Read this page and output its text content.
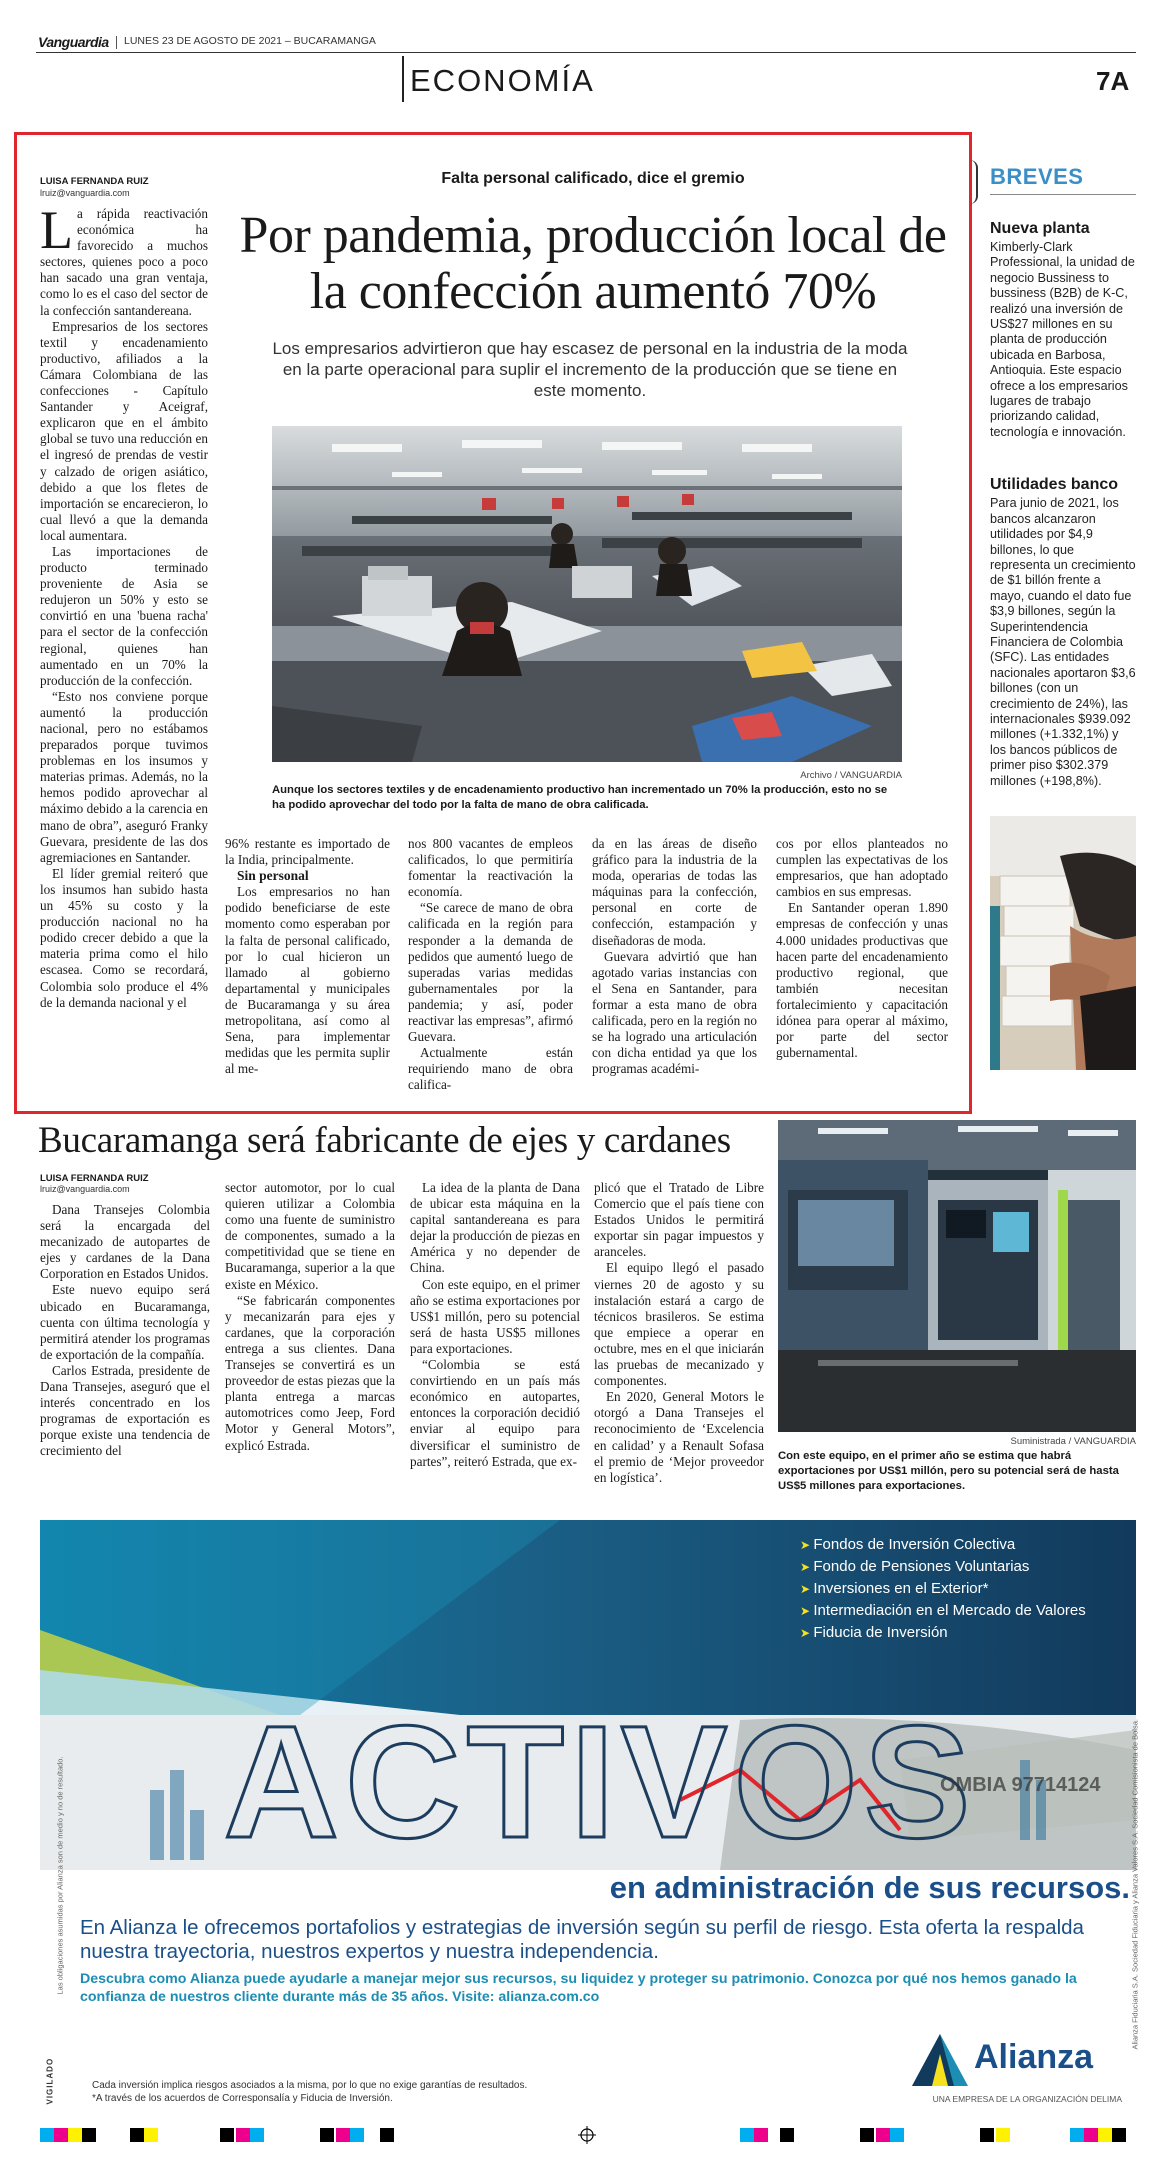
Vanguardia LUNES 23 DE AGOSTO DE 2021 – BUCARAMANGA
ECONOMÍA	7A
LUISA FERNANDA RUIZ
lruiz@vanguardia.com
Falta personal calificado, dice el gremio
Por pandemia, producción local de la confección aumentó 70%
Los empresarios advirtieron que hay escasez de personal en la industria de la moda en la parte operacional para suplir el incremento de la producción que se tiene en este momento.
Archivo / VANGUARDIA
Aunque los sectores textiles y de encadenamiento productivo han incrementado un 70% la producción, esto no se ha podido aprovechar del todo por la falta de mano de obra calificada.

La rápida reactivación económica ha favorecido a muchos sectores, quienes poco a poco han sacado una gran ventaja, como lo es el caso del sector de la confección santandereana.

Empresarios de los sectores textil y encadenamiento productivo, afiliados a la Cámara Colombiana de las confecciones - Capítulo Santander y Aceigraf, explicaron que en el ámbito global se tuvo una reducción en el ingresó de prendas de vestir y calzado de origen asiático, debido a que los fletes de importación se encarecieron, lo cual llevó a que la demanda local aumentara.

Las importaciones de producto terminado proveniente de Asia se redujeron un 50% y esto se convirtió en una 'buena racha' para el sector de la confección regional, quienes han aumentado en un 70% la producción de la confección.

“Esto nos conviene porque aumentó la producción nacional, pero no estábamos preparados porque tuvimos problemas en los insumos y materias primas. Además, no la hemos podido aprovechar al máximo debido a la carencia en mano de obra”, aseguró Franky Guevara, presidente de las dos agremiaciones en Santander.

El líder gremial reiteró que los insumos han subido hasta un 45% su costo y la producción nacional no ha podido crecer debido a que la materia prima como el hilo escasea. Como se recordará, Colombia solo produce el 4% de la demanda nacional y el

96% restante es importado de la India, principalmente.

Sin personal

Los empresarios no han podido beneficiarse de este momento como esperaban por la falta de personal calificado, por lo cual hicieron un llamado al gobierno departamental y municipales de Bucaramanga y su área metropolitana, así como al Sena, para implementar medidas que les permita suplir al me-

nos 800 vacantes de empleos calificados, lo que permitiría fomentar la reactivación la economía.

“Se carece de mano de obra calificada en la región para responder a la demanda de pedidos que aumentó luego de superadas varias medidas gubernamentales por la pandemia; y así, poder reactivar las empresas”, afirmó Guevara.

Actualmente están requiriendo mano de obra califica-

da en las áreas de diseño gráfico para la industria de la moda, operarias de todas las máquinas para la confección, personal en corte de confección, estampación y diseñadoras de moda.

Guevara advirtió que han agotado varias instancias con el Sena en Santander, para formar a esta mano de obra calificada, pero en la región no se ha logrado una articulación con dicha entidad ya que los programas académi-

cos por ellos planteados no cumplen las expectativas de los empresarios, que han adoptado cambios en sus empresas.

En Santander operan 1.890 empresas de confección y unas 4.000 unidades productivas que hacen parte del encadenamiento productivo regional, que también necesitan fortalecimiento y capacitación idónea para operar al máximo, por parte del sector gubernamental.

BREVES
Nueva planta

Kimberly-Clark Professional, la unidad de negocio Bussiness to bussiness (B2B) de K-C, realizó una inversión de US$27 millones en su planta de producción ubicada en Barbosa, Antioquia. Este espacio ofrece a los empresarios lugares de trabajo priorizando calidad, tecnología e innovación.

Utilidades banco

Para junio de 2021, los bancos alcanzaron utilidades por $4,9 billones, lo que representa un crecimiento de $1 billón frente a mayo, cuando el dato fue $3,9 billones, según la Superintendencia Financiera de Colombia (SFC). Las entidades nacionales aportaron $3,6 billones (con un crecimiento de 24%), las internacionales $939.092 millones (+1.332,1%) y los bancos públicos de primer piso $302.379 millones (+198,8%).

Bucaramanga será fabricante de ejes y cardanes
LUISA FERNANDA RUIZ
lruiz@vanguardia.com

Dana Transejes Colombia será la encargada del mecanizado de autopartes de ejes y cardanes de la Dana Corporation en Estados Unidos.

Este nuevo equipo será ubicado en Bucaramanga, cuenta con última tecnología y permitirá atender los programas de exportación de la compañía.

Carlos Estrada, presidente de Dana Transejes, aseguró que el interés concentrado en los programas de exportación es porque existe una tendencia de crecimiento del

sector automotor, por lo cual quieren utilizar a Colombia como una fuente de suministro de componentes, sumado a la competitividad que se tiene en Bucaramanga, superior a la que existe en México.

“Se fabricarán componentes y mecanizarán para ejes y cardanes, que la corporación entrega a sus clientes. Dana Transejes se convertirá es un proveedor de estas piezas que la planta entrega a marcas automotrices como Jeep, Ford Motor y General Motors”, explicó Estrada.

La idea de la planta de Dana de ubicar esta máquina en la capital santandereana es para dejar la producción de piezas en América y no depender de China.

Con este equipo, en el primer año se estima exportaciones por US$1 millón, pero su potencial será de hasta US$5 millones para exportaciones.

“Colombia se está convirtiendo en un país más económico en autopartes, entonces la corporación decidió enviar al equipo para diversificar el suministro de partes”, reiteró Estrada, que ex-

plicó que el Tratado de Libre Comercio que el país tiene con Estados Unidos le permitirá exportar sin pagar impuestos y aranceles.

El equipo llegó el pasado viernes 20 de agosto y su instalación estará a cargo de técnicos brasileros. Se estima que empiece a operar en octubre, mes en el que iniciarán las pruebas de mecanizado y componentes.

En 2020, General Motors le otorgó a Dana Transejes el reconocimiento de ‘Excelencia en calidad’ y a Renault Sofasa el premio de ‘Mejor proveedor en logística’.

Suministrada / VANGUARDIA
Con este equipo, en el primer año se estima que habrá exportaciones por US$1 millón, pero su potencial será de hasta US$5 millones para exportaciones.
➤ Fondos de Inversión Colectiva
➤ Fondo de Pensiones Voluntarias
➤ Inversiones en el Exterior*
➤ Intermediación en el Mercado de Valores
➤ Fiducia de Inversión
ACTIVOS
OMBIA 97714124
en administración de sus recursos.
En Alianza le ofrecemos portafolios y estrategias de inversión según su perfil de riesgo. Esta oferta la respalda nuestra trayectoria, nuestros expertos y nuestra independencia.
Descubra como Alianza puede ayudarle a manejar mejor sus recursos, su liquidez y proteger su patrimonio. Conozca por qué nos hemos ganado la confianza de nuestros cliente durante más de 35 años. Visite: alianza.com.co
Alianza
UNA EMPRESA DE LA ORGANIZACIÓN DELIMA
Cada inversión implica riesgos asociados a la misma, por lo que no exige garantías de resultados.
*A través de los acuerdos de Corresponsalía y Fiducia de Inversión.
Las obligaciones asumidas por Alianza son de medio y no de resultado.	Alianza Fiduciaria S.A. Sociedad Fiduciaria y Alianza Valores S.A. Sociedad Comisionista de Bolsa.
VIGILADO
